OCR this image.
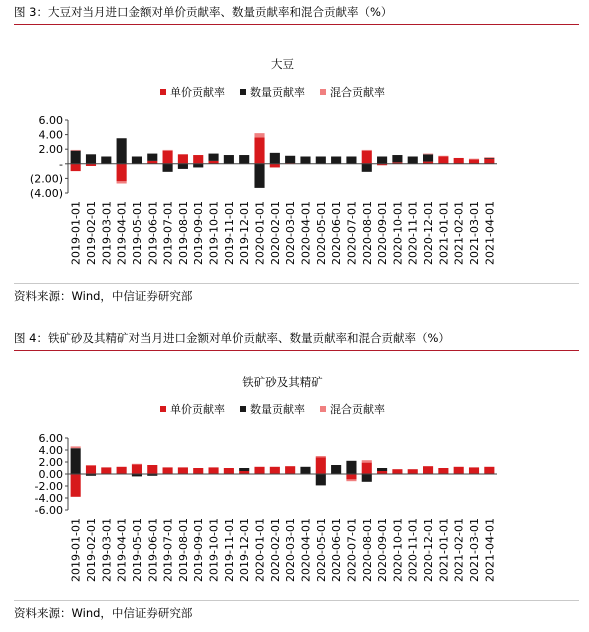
图 3：大豆对当月进口金额对单价贡献率、数量贡献率和混合贡献率（%）
大豆
单价贡献率 数量贡献率 混合贡献率
(4.00)
(2.00)
-
2.00
4.00
6.00
2019-01-01 2019-02-01 2019-03-01 2019-04-01 2019-05-01 2019-06-01 2019-07-01 2019-08-01 2019-09-01 2019-10-01 2019-11-01 2019-12-01 2020-01-01 2020-02-01 2020-03-01 2020-04-01 2020-05-01 2020-06-01 2020-07-01 2020-08-01 2020-09-01 2020-10-01 2020-11-01 2020-12-01 2021-01-01 2021-02-01 2021-03-01 2021-04-01
资料来源：Wind，中信证券研究部
图 4：铁矿砂及其精矿对当月进口金额对单价贡献率、数量贡献率和混合贡献率（%）
铁矿砂及其精矿
单价贡献率 数量贡献率 混合贡献率
-6.00
-4.00
-2.00
0.00
2.00
4.00
6.00
2019-01-01 2019-02-01 2019-03-01 2019-04-01 2019-05-01 2019-06-01 2019-07-01 2019-08-01 2019-09-01 2019-10-01 2019-11-01 2019-12-01 2020-01-01 2020-02-01 2020-03-01 2020-04-01 2020-05-01 2020-06-01 2020-07-01 2020-08-01 2020-09-01 2020-10-01 2020-11-01 2020-12-01 2021-01-01 2021-02-01 2021-03-01 2021-04-01
资料来源：Wind，中信证券研究部
